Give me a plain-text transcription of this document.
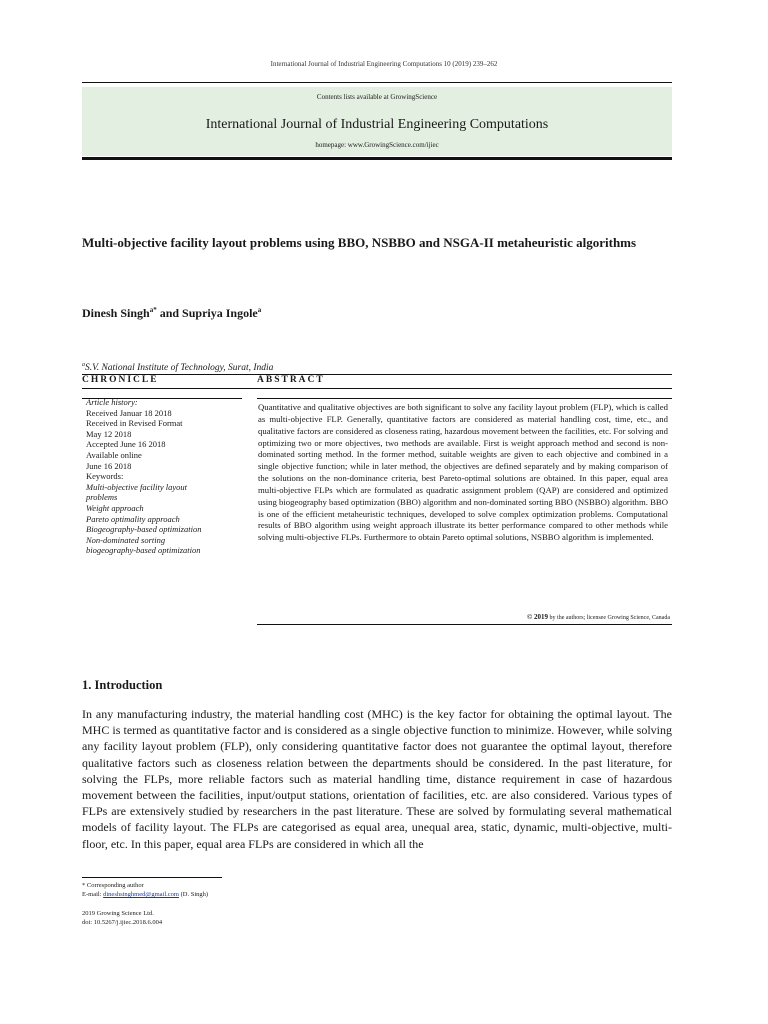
International Journal of Industrial Engineering Computations 10 (2019) 239–262
Contents lists available at GrowingScience
International Journal of Industrial Engineering Computations
homepage: www.GrowingScience.com/ijiec
Multi-objective facility layout problems using BBO, NSBBO and NSGA-II metaheuristic algorithms
Dinesh Singh$^{a*}$ and Supriya Ingole$^a$
$^a$S.V. National Institute of Technology, Surat, India
CHRONICLE	ABSTRACT
Article history:
Received Januar 18 2018
Received in Revised Format
May 12 2018
Accepted June 16 2018
Available online
June 16 2018
Keywords:
Multi-objective facility layout
problems
Weight approach
Pareto optimality approach
Biogeography-based optimization
Non-dominated sorting
biogeography-based optimization
Quantitative and qualitative objectives are both significant to solve any facility layout problem (FLP), which is called as multi-objective FLP. Generally, quantitative factors are considered as material handling cost, time, etc., and qualitative factors are considered as closeness rating, hazardous movement between the facilities, etc. For solving and optimizing two or more objectives, two methods are available. First is weight approach method and second is non-dominated sorting method. In the former method, suitable weights are given to each objective and combined in a single objective function; while in later method, the objectives are defined separately and by making comparison of the solutions on the non-dominance criteria, best Pareto-optimal solutions are obtained. In this paper, equal area multi-objective FLPs which are formulated as quadratic assignment problem (QAP) are considered and optimized using biogeography based optimization (BBO) algorithm and non-dominated sorting BBO (NSBBO) algorithm. BBO is one of the efficient metaheuristic techniques, developed to solve complex optimization problems. Computational results of BBO algorithm using weight approach illustrate its better performance compared to other methods while solving multi-objective FLPs. Furthermore to obtain Pareto optimal solutions, NSBBO algorithm is implemented.
© 2019 by the authors; licensee Growing Science, Canada
1. Introduction
In any manufacturing industry, the material handling cost (MHC) is the key factor for obtaining the optimal layout. The MHC is termed as quantitative factor and is considered as a single objective function to minimize. However, while solving any facility layout problem (FLP), only considering quantitative factor does not guarantee the optimal layout, therefore qualitative factors such as closeness relation between the departments should be considered. In the past literature, for solving the FLPs, more reliable factors such as material handling time, distance requirement in case of hazardous movement between the facilities, input/output stations, orientation of facilities, etc. are also considered. Various types of FLPs are extensively studied by researchers in the past literature. These are solved by formulating several mathematical models of facility layout. The FLPs are categorised as equal area, unequal area, static, dynamic, multi-objective, multi-floor, etc. In this paper, equal area FLPs are considered in which all the
* Corresponding author
E-mail: dineshsinghmed@gmail.com (D. Singh)
2019 Growing Science Ltd.
doi: 10.5267/j.ijiec.2018.6.004
